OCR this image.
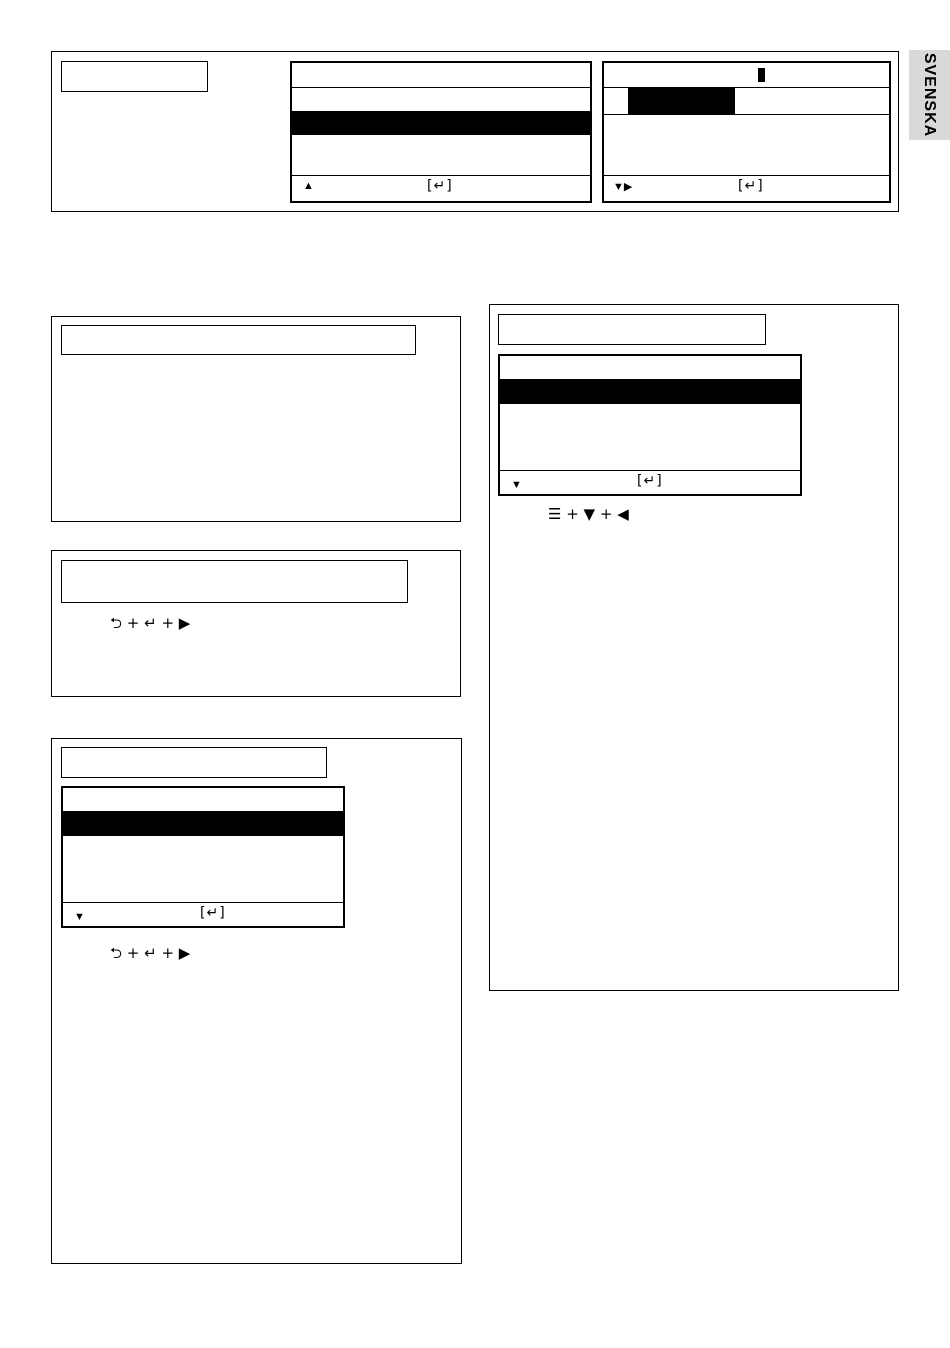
SVENSKA
▲	[↵]	▼▶	[↵]
⮌ + ↵ + ▶
▼	[↵]
⮌ + ↵ + ▶
▼	[↵]
☰ + ▼ + ◀
